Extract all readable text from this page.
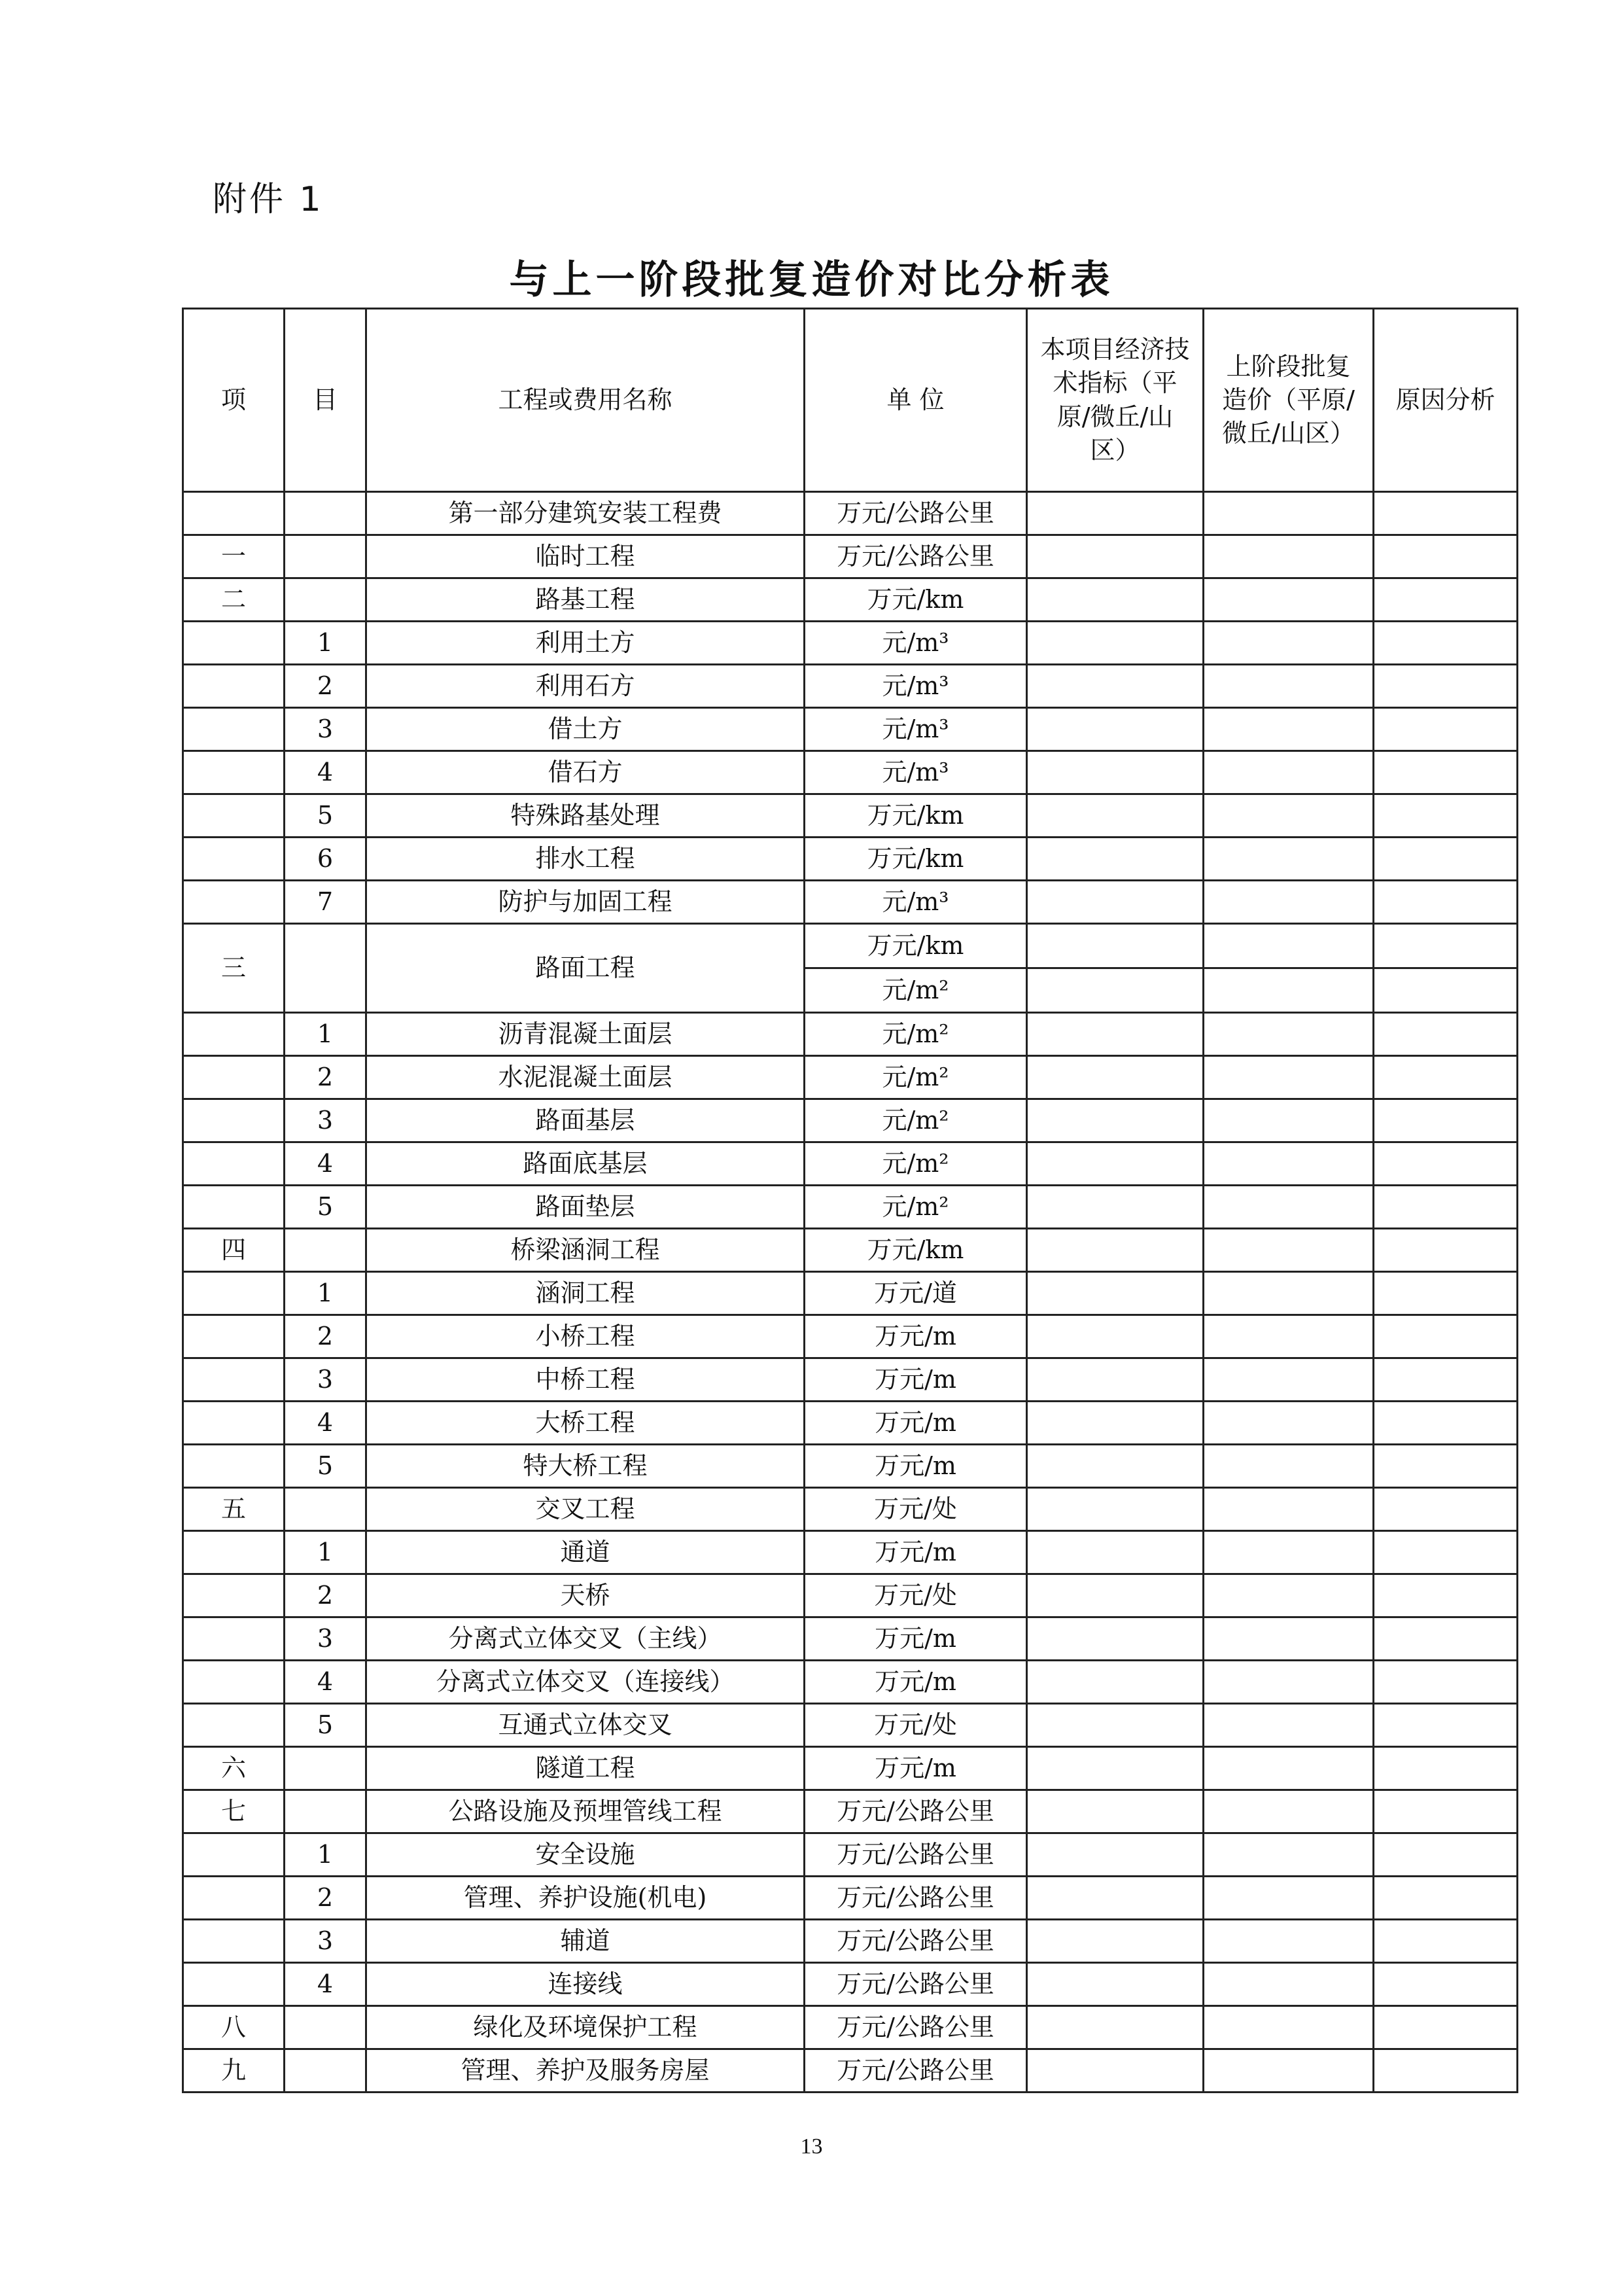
附件 1
与上一阶段批复造价对比分析表
项	目	工程或费用名称	单 位	本项目经济技术指标（平原/微丘/山区）	上阶段批复造价（平原/微丘/山区）	原因分析
		第一部分建筑安装工程费	万元/公路公里			
一		临时工程	万元/公路公里			
二		路基工程	万元/km			
	1	利用土方	元/m³			
	2	利用石方	元/m³			
	3	借土方	元/m³			
	4	借石方	元/m³			
	5	特殊路基处理	万元/km			
	6	排水工程	万元/km			
	7	防护与加固工程	元/m³			
三		路面工程	万元/km			
			元/m²			
	1	沥青混凝土面层	元/m²			
	2	水泥混凝土面层	元/m²			
	3	路面基层	元/m²			
	4	路面底基层	元/m²			
	5	路面垫层	元/m²			
四		桥梁涵洞工程	万元/km			
	1	涵洞工程	万元/道			
	2	小桥工程	万元/m			
	3	中桥工程	万元/m			
	4	大桥工程	万元/m			
	5	特大桥工程	万元/m			
五		交叉工程	万元/处			
	1	通道	万元/m			
	2	天桥	万元/处			
	3	分离式立体交叉（主线）	万元/m			
	4	分离式立体交叉（连接线）	万元/m			
	5	互通式立体交叉	万元/处			
六		隧道工程	万元/m			
七		公路设施及预埋管线工程	万元/公路公里			
	1	安全设施	万元/公路公里			
	2	管理、养护设施(机电)	万元/公路公里			
	3	辅道	万元/公路公里			
	4	连接线	万元/公路公里			
八		绿化及环境保护工程	万元/公路公里			
九		管理、养护及服务房屋	万元/公路公里			
13
